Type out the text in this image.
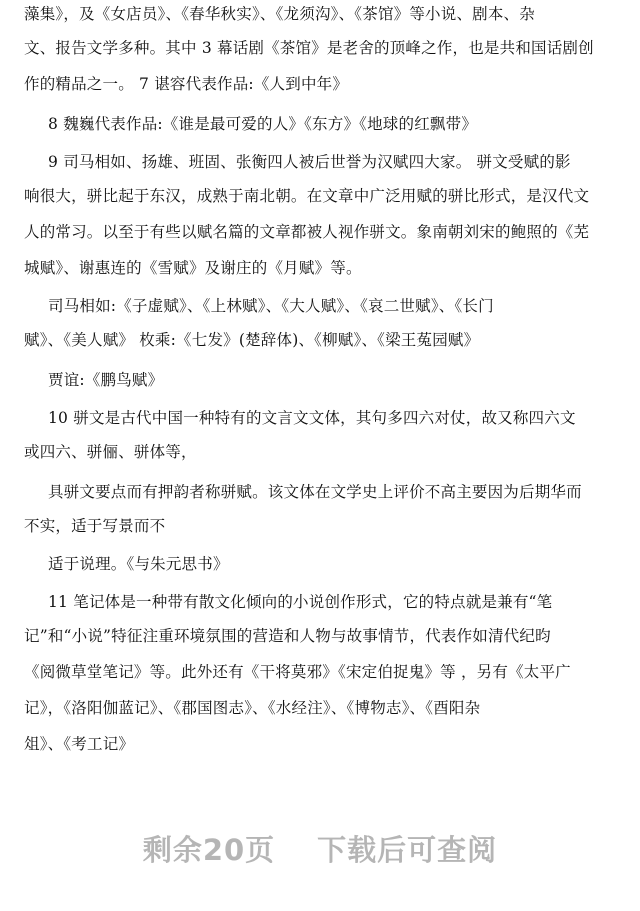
藻集》，及《女店员》、《春华秋实》、《龙须沟》、《茶馆》等小说、剧本、杂
文、报告文学多种。其中 3 幕话剧《茶馆》是老舍的顶峰之作，也是共和国话剧创
作的精品之一。 7 谌容代表作品:《人到中年》
8 魏巍代表作品:《谁是最可爱的人》《东方》《地球的红飘带》
9 司马相如、扬雄、班固、张衡四人被后世誉为汉赋四大家。 骈文受赋的影
响很大，骈比起于东汉，成熟于南北朝。在文章中广泛用赋的骈比形式，是汉代文
人的常习。以至于有些以赋名篇的文章都被人视作骈文。象南朝刘宋的鲍照的《芜
城赋》、谢惠连的《雪赋》及谢庄的《月赋》等。
司马相如:《子虚赋》、《上林赋》、《大人赋》、《哀二世赋》、《长门
赋》、《美人赋》 枚乘:《七发》(楚辞体)、《柳赋》、《梁王菟园赋》
贾谊:《鹏鸟赋》
10 骈文是古代中国一种特有的文言文文体，其句多四六对仗，故又称四六文
或四六、骈俪、骈体等，
具骈文要点而有押韵者称骈赋。该文体在文学史上评价不高主要因为后期华而
不实，适于写景而不
适于说理。《与朱元思书》
11 笔记体是一种带有散文化倾向的小说创作形式，它的特点就是兼有“笔
记”和“小说”特征注重环境氛围的营造和人物与故事情节，代表作如清代纪昀
《阅微草堂笔记》等。此外还有《干将莫邪》《宋定伯捉鬼》等 ，另有《太平广
记》，《洛阳伽蓝记》、《郡国图志》、《水经注》、《博物志》、《酉阳杂
俎》、《考工记》
剩余20页 下载后可查阅
